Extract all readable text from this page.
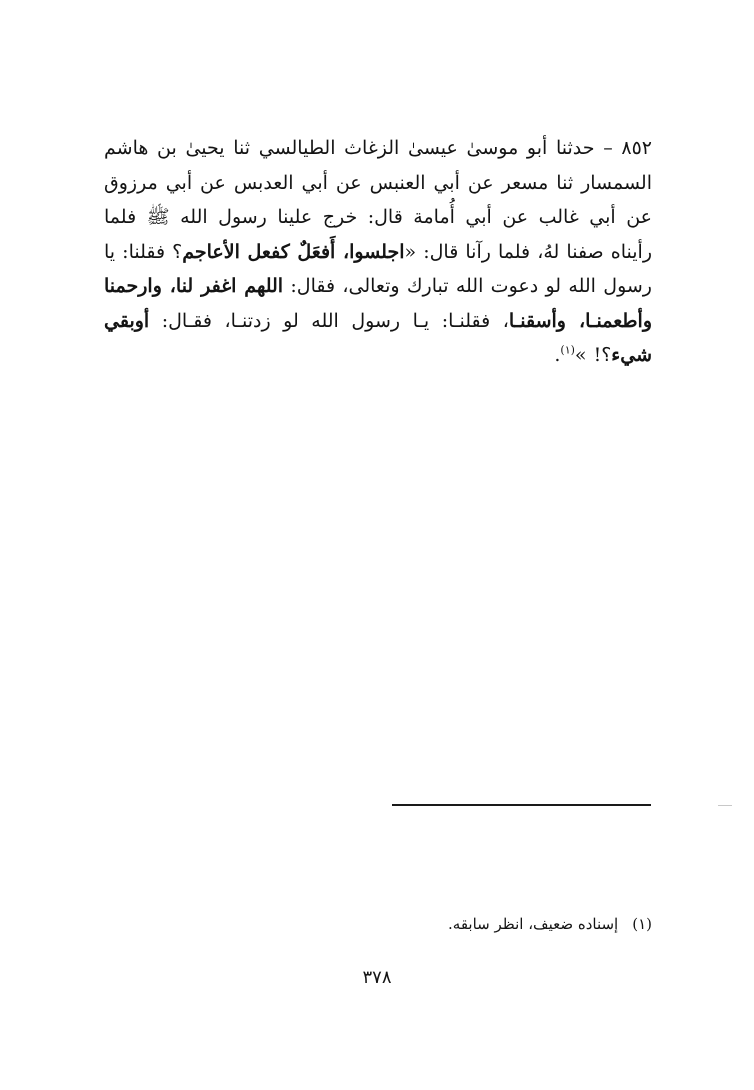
٨٥٢ – حدثنا أبو موسىٰ عيسىٰ الزغاث الطيالسي ثنا يحيىٰ بن هاشم السمسار ثنا مسعر عن أبي العنبس عن أبي العدبس عن أبي مرزوق عن أبي غالب عن أبي أُمامة قال: خرج علينا رسول الله ﷺ فلما رأيناه صفنا لهُ، فلما رآنا قال: «اجلسوا، أَفعَلٌ كفعل الأعاجم؟ فقلنا: يا رسول الله لو دعوت الله تبارك وتعالى، فقال: اللهم اغفر لنا، وارحمنا وأطعمنـا، وأسقنـا، فقلنـا: يـا رسول الله لو زدتنـا، فقـال: أوبقي شيء؟! »$^{(١)}$.

(١)إسناده ضعيف، انظر سابقه.
٣٧٨
